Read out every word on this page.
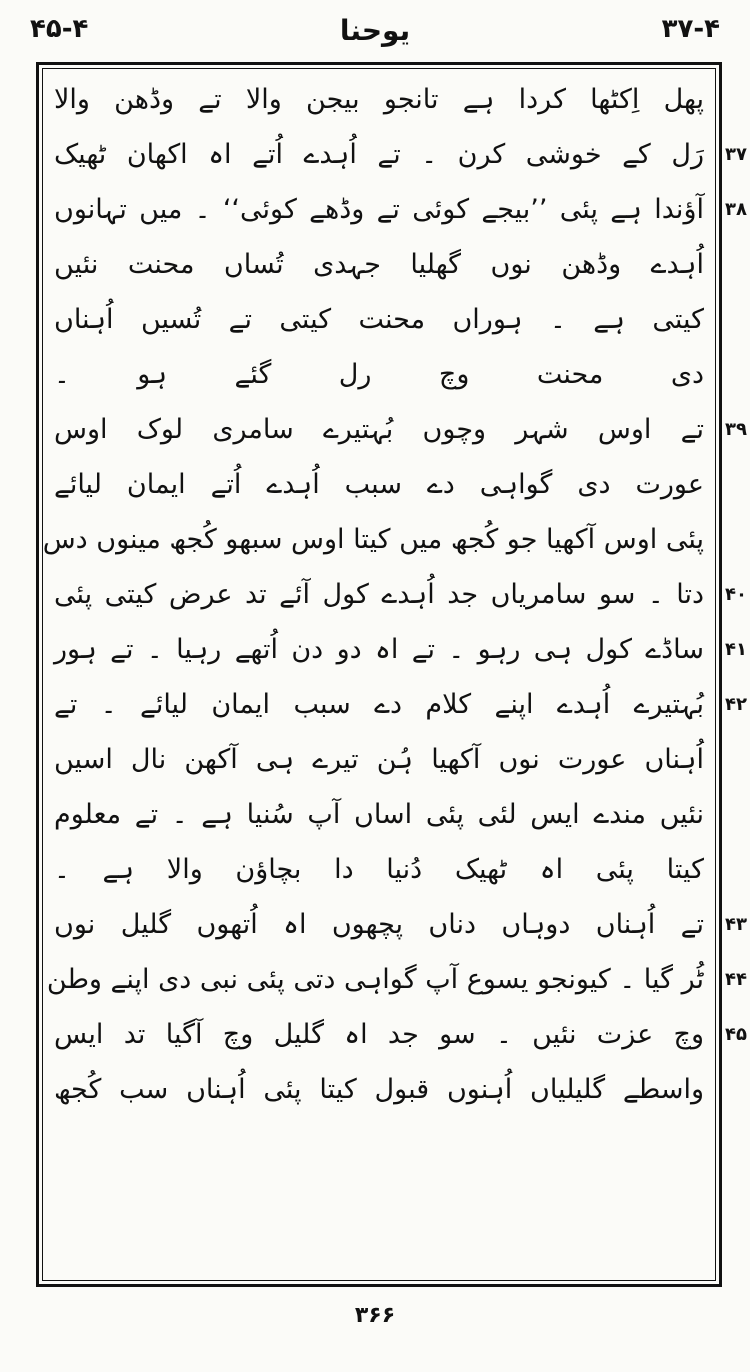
۴۵-۴	یوحنا	۳۷-۴
پھل اِکٹھا کردا ہے تانجو بیجن والا تے وڈھن والا
رَل کے خوشی کرن ۔ تے اُہدے اُتے اہ اکھان ٹھیک
آؤندا ہے پئی ’’بیجے کوئی تے وڈھے کوئی‘‘ ۔ میں تہانوں
اُہدے وڈھن نوں گھلیا جہدی تُساں محنت نئیں
کیتی ہے ۔ ہوراں محنت کیتی تے تُسیں اُہناں
دی محنت وچ رل گئے ہو ۔
تے اوس شہر وچوں بُہتیرے سامری لوک اوس
عورت دی گواہی دے سبب اُہدے اُتے ایمان لیائے
پئی اوس آکھیا جو کُجھ میں کیتا اوس سبھو کُجھ مینوں دس
دتا ۔ سو سامریاں جد اُہدے کول آئے تد عرض کیتی پئی
ساڈے کول ہی رہو ۔ تے اہ دو دن اُتھے رہیا ۔ تے ہور
بُہتیرے اُہدے اپنے کلام دے سبب ایمان لیائے ۔ تے
اُہناں عورت نوں آکھیا ہُن تیرے ہی آکھن نال اسیں
نئیں مندے ایس لئی پئی اساں آپ سُنیا ہے ۔ تے معلوم
کیتا پئی اہ ٹھیک دُنیا دا بچاؤن والا ہے ۔
تے اُہناں دوہاں دناں پچھوں اہ اُتھوں گلیل نوں
ٹُر گیا ۔ کیونجو یسوع آپ گواہی دتی پئی نبی دی اپنے وطن
وچ عزت نئیں ۔ سو جد اہ گلیل وچ آگیا تد ایس
واسطے گلیلیاں اُہنوں قبول کیتا پئی اُہناں سب کُجھ
۳۷
۳۸
۳۹
۴۰
۴۱
۴۲
۴۳
۴۴
۴۵
۳۶۶
